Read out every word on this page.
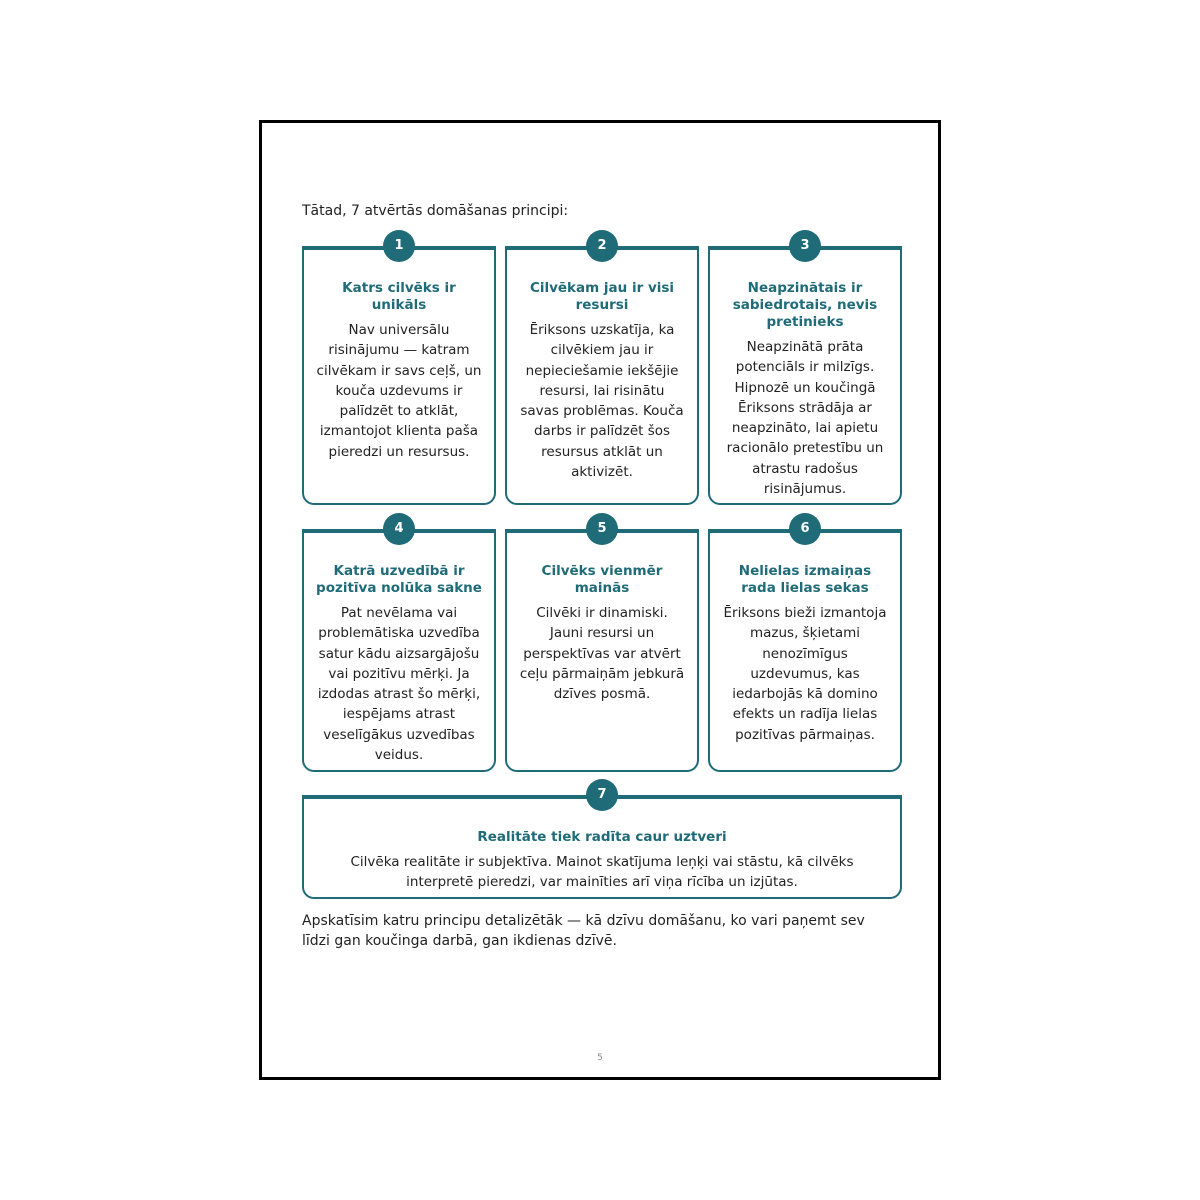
Tātad, 7 atvērtās domāšanas principi:
1
Katrs cilvēks ir unikāls

Nav universālu risinājumu — katram cilvēkam ir savs ceļš, un kouča uzdevums ir palīdzēt to atklāt, izmantojot klienta paša pieredzi un resursus.

2
Cilvēkam jau ir visi resursi

Ēriksons uzskatīja, ka cilvēkiem jau ir nepieciešamie iekšējie resursi, lai risinātu savas problēmas. Kouča darbs ir palīdzēt šos resursus atklāt un aktivizēt.

3
Neapzinātais ir sabiedrotais, nevis pretinieks

Neapzinātā prāta potenciāls ir milzīgs. Hipnozē un koučingā Ēriksons strādāja ar neapzināto, lai apietu racionālo pretestību un atrastu radošus risinājumus.

4
Katrā uzvedībā ir pozitīva nolūka sakne

Pat nevēlama vai problemātiska uzvedība satur kādu aizsargājošu vai pozitīvu mērķi. Ja izdodas atrast šo mērķi, iespējams atrast veselīgākus uzvedības veidus.

5
Cilvēks vienmēr mainās

Cilvēki ir dinamiski. Jauni resursi un perspektīvas var atvērt ceļu pārmaiņām jebkurā dzīves posmā.

6
Nelielas izmaiņas rada lielas sekas

Ēriksons bieži izmantoja mazus, šķietami nenozīmīgus uzdevumus, kas iedarbojās kā domino efekts un radīja lielas pozitīvas pārmaiņas.

7
Realitāte tiek radīta caur uztveri

Cilvēka realitāte ir subjektīva. Mainot skatījuma leņķi vai stāstu, kā cilvēks interpretē pieredzi, var mainīties arī viņa rīcība un izjūtas.

Apskatīsim katru principu detalizētāk — kā dzīvu domāšanu, ko vari paņemt sev līdzi gan koučinga darbā, gan ikdienas dzīvē.
5
